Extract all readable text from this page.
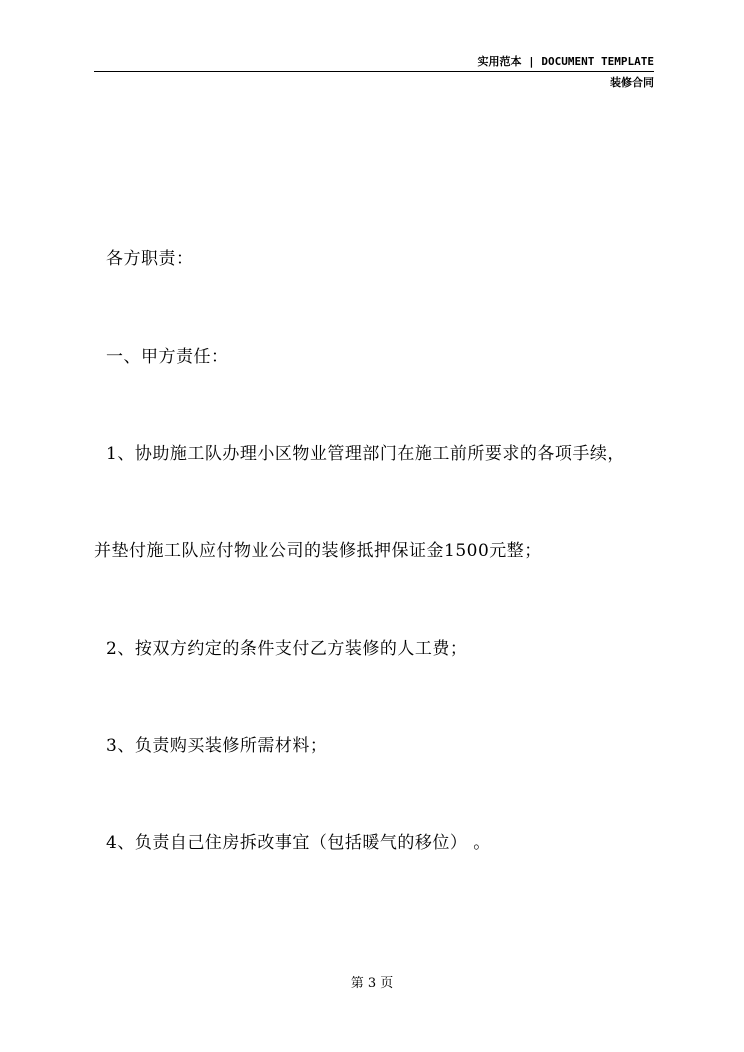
实用范本 | DOCUMENT TEMPLATE
装修合同
各方职责：
一、甲方责任：
1、协助施工队办理小区物业管理部门在施工前所要求的各项手续，
并垫付施工队应付物业公司的装修抵押保证金1500元整；
2、按双方约定的条件支付乙方装修的人工费；
3、负责购买装修所需材料；
4、负责自己住房拆改事宜（包括暖气的移位） 。
第 3 页
